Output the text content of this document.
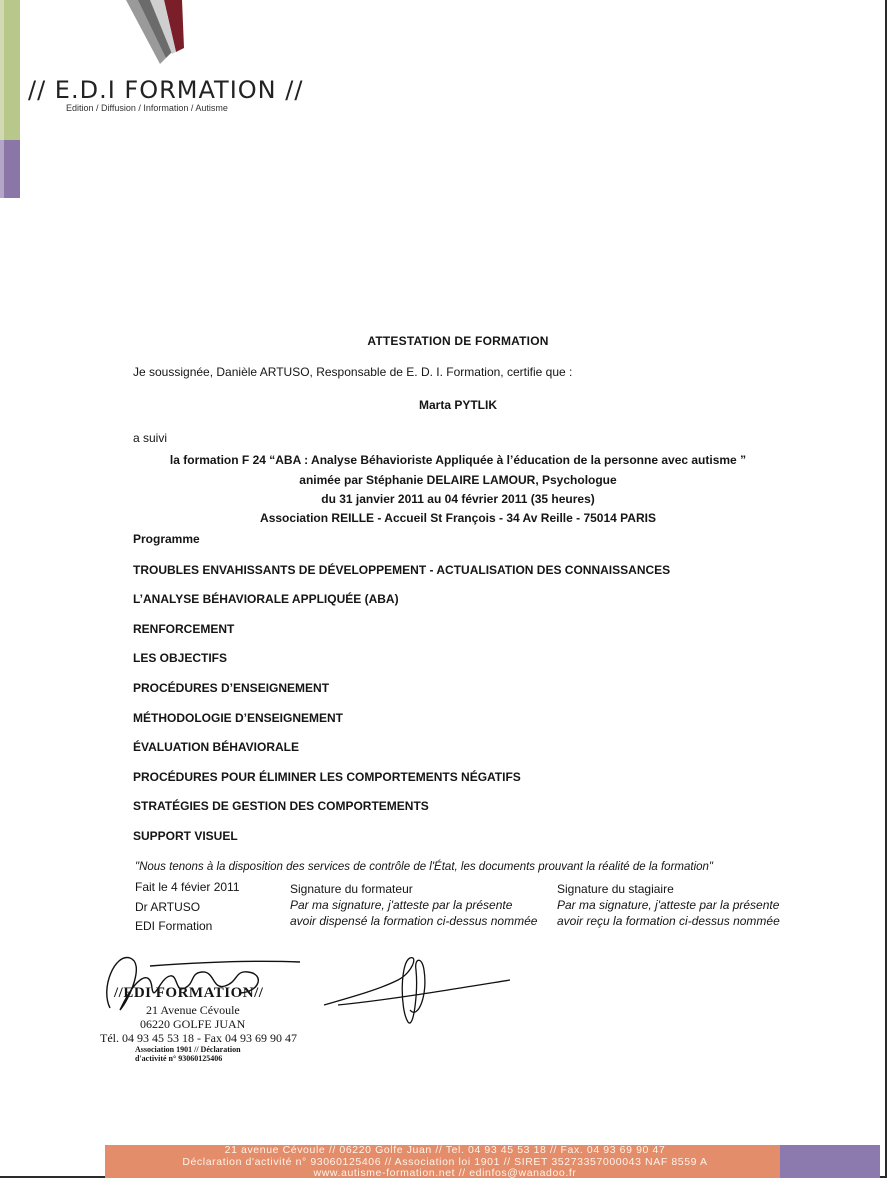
// E.D.I FORMATION //
Edition / Diffusion / Information / Autisme
ATTESTATION DE FORMATION
Je soussignée, Danièle ARTUSO, Responsable de E. D. I. Formation, certifie que :
Marta PYTLIK
a suivi
la formation F 24 “ABA : Analyse Béhavioriste Appliquée à l’éducation de la personne avec autisme ”
animée par Stéphanie DELAIRE LAMOUR, Psychologue
du 31 janvier 2011 au 04 février 2011 (35 heures)
Association REILLE - Accueil St François - 34 Av Reille - 75014 PARIS
Programme
TROUBLES ENVAHISSANTS DE DÉVELOPPEMENT - ACTUALISATION DES CONNAISSANCES
L’ANALYSE BÉHAVIORALE APPLIQUÉE (ABA)
RENFORCEMENT
LES OBJECTIFS
PROCÉDURES D’ENSEIGNEMENT
MÉTHODOLOGIE D’ENSEIGNEMENT
ÉVALUATION BÉHAVIORALE
PROCÉDURES POUR ÉLIMINER LES COMPORTEMENTS NÉGATIFS
STRATÉGIES DE GESTION DES COMPORTEMENTS
SUPPORT VISUEL
"Nous tenons à la disposition des services de contrôle de l'État, les documents prouvant la réalité de la formation"
Fait le 4 févier 2011
Dr ARTUSO
EDI Formation
Signature du formateur
Par ma signature, j'atteste par la présente
avoir dispensé la formation ci-dessus nommée
Signature du stagiaire
Par ma signature, j'atteste par la présente
avoir reçu la formation ci-dessus nommée
//EDI FORMATION//
21 Avenue Cévoule
06220 GOLFE JUAN
Tél. 04 93 45 53 18 - Fax 04 93 69 90 47
Association 1901 // Déclaration
d'activité n° 93060125406
21 avenue Cévoule // 06220 Golfe Juan // Tel. 04 93 45 53 18 // Fax. 04 93 69 90 47
Déclaration d'activité n° 93060125406 // Association loi 1901 // SIRET 35273357000043 NAF 8559 A
www.autisme-formation.net // edinfos@wanadoo.fr
